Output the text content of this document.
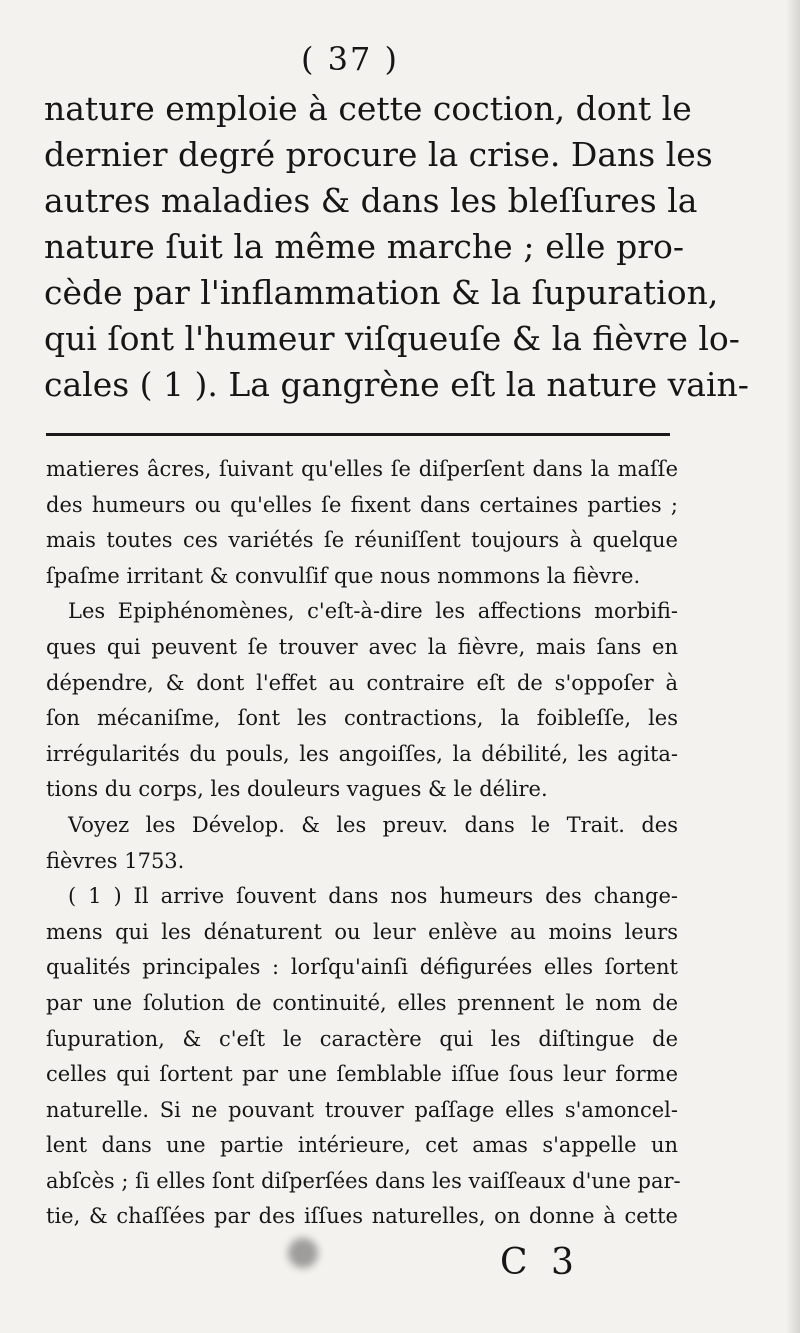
( 37 )
nature emploie à cette coction, dont le
dernier degré procure la crise. Dans les
autres maladies & dans les bleſſures la
nature ſuit la même marche ; elle pro-
cède par l'inflammation & la ſupuration,
qui ſont l'humeur viſqueuſe & la fièvre lo-
cales ( 1 ). La gangrène eſt la nature vain-
matieres âcres, ſuivant qu'elles ſe diſperſent dans la maſſe
des humeurs ou qu'elles ſe fixent dans certaines parties ;
mais toutes ces variétés ſe réuniſſent toujours à quelque
ſpaſme irritant & convulſif que nous nommons la fièvre.
Les Epiphénomènes, c'eſt-à-dire les affections morbifi-
ques qui peuvent ſe trouver avec la fièvre, mais ſans en
dépendre, & dont l'effet au contraire eſt de s'oppoſer à
ſon mécaniſme, ſont les contractions, la foibleſſe, les
irrégularités du pouls, les angoiſſes, la débilité, les agita-
tions du corps, les douleurs vagues & le délire.
Voyez les Dévelop. & les preuv. dans le Trait. des
fièvres 1753.
( 1 ) Il arrive ſouvent dans nos humeurs des change-
mens qui les dénaturent ou leur enlève au moins leurs
qualités principales : lorſqu'ainſi défigurées elles ſortent
par une ſolution de continuité, elles prennent le nom de
ſupuration, & c'eſt le caractère qui les diſtingue de
celles qui ſortent par une ſemblable iſſue ſous leur forme
naturelle. Si ne pouvant trouver paſſage elles s'amoncel-
lent dans une partie intérieure, cet amas s'appelle un
abſcès ; ſi elles ſont diſperſées dans les vaiſſeaux d'une par-
tie, & chaſſées par des iſſues naturelles, on donne à cette
C 3
